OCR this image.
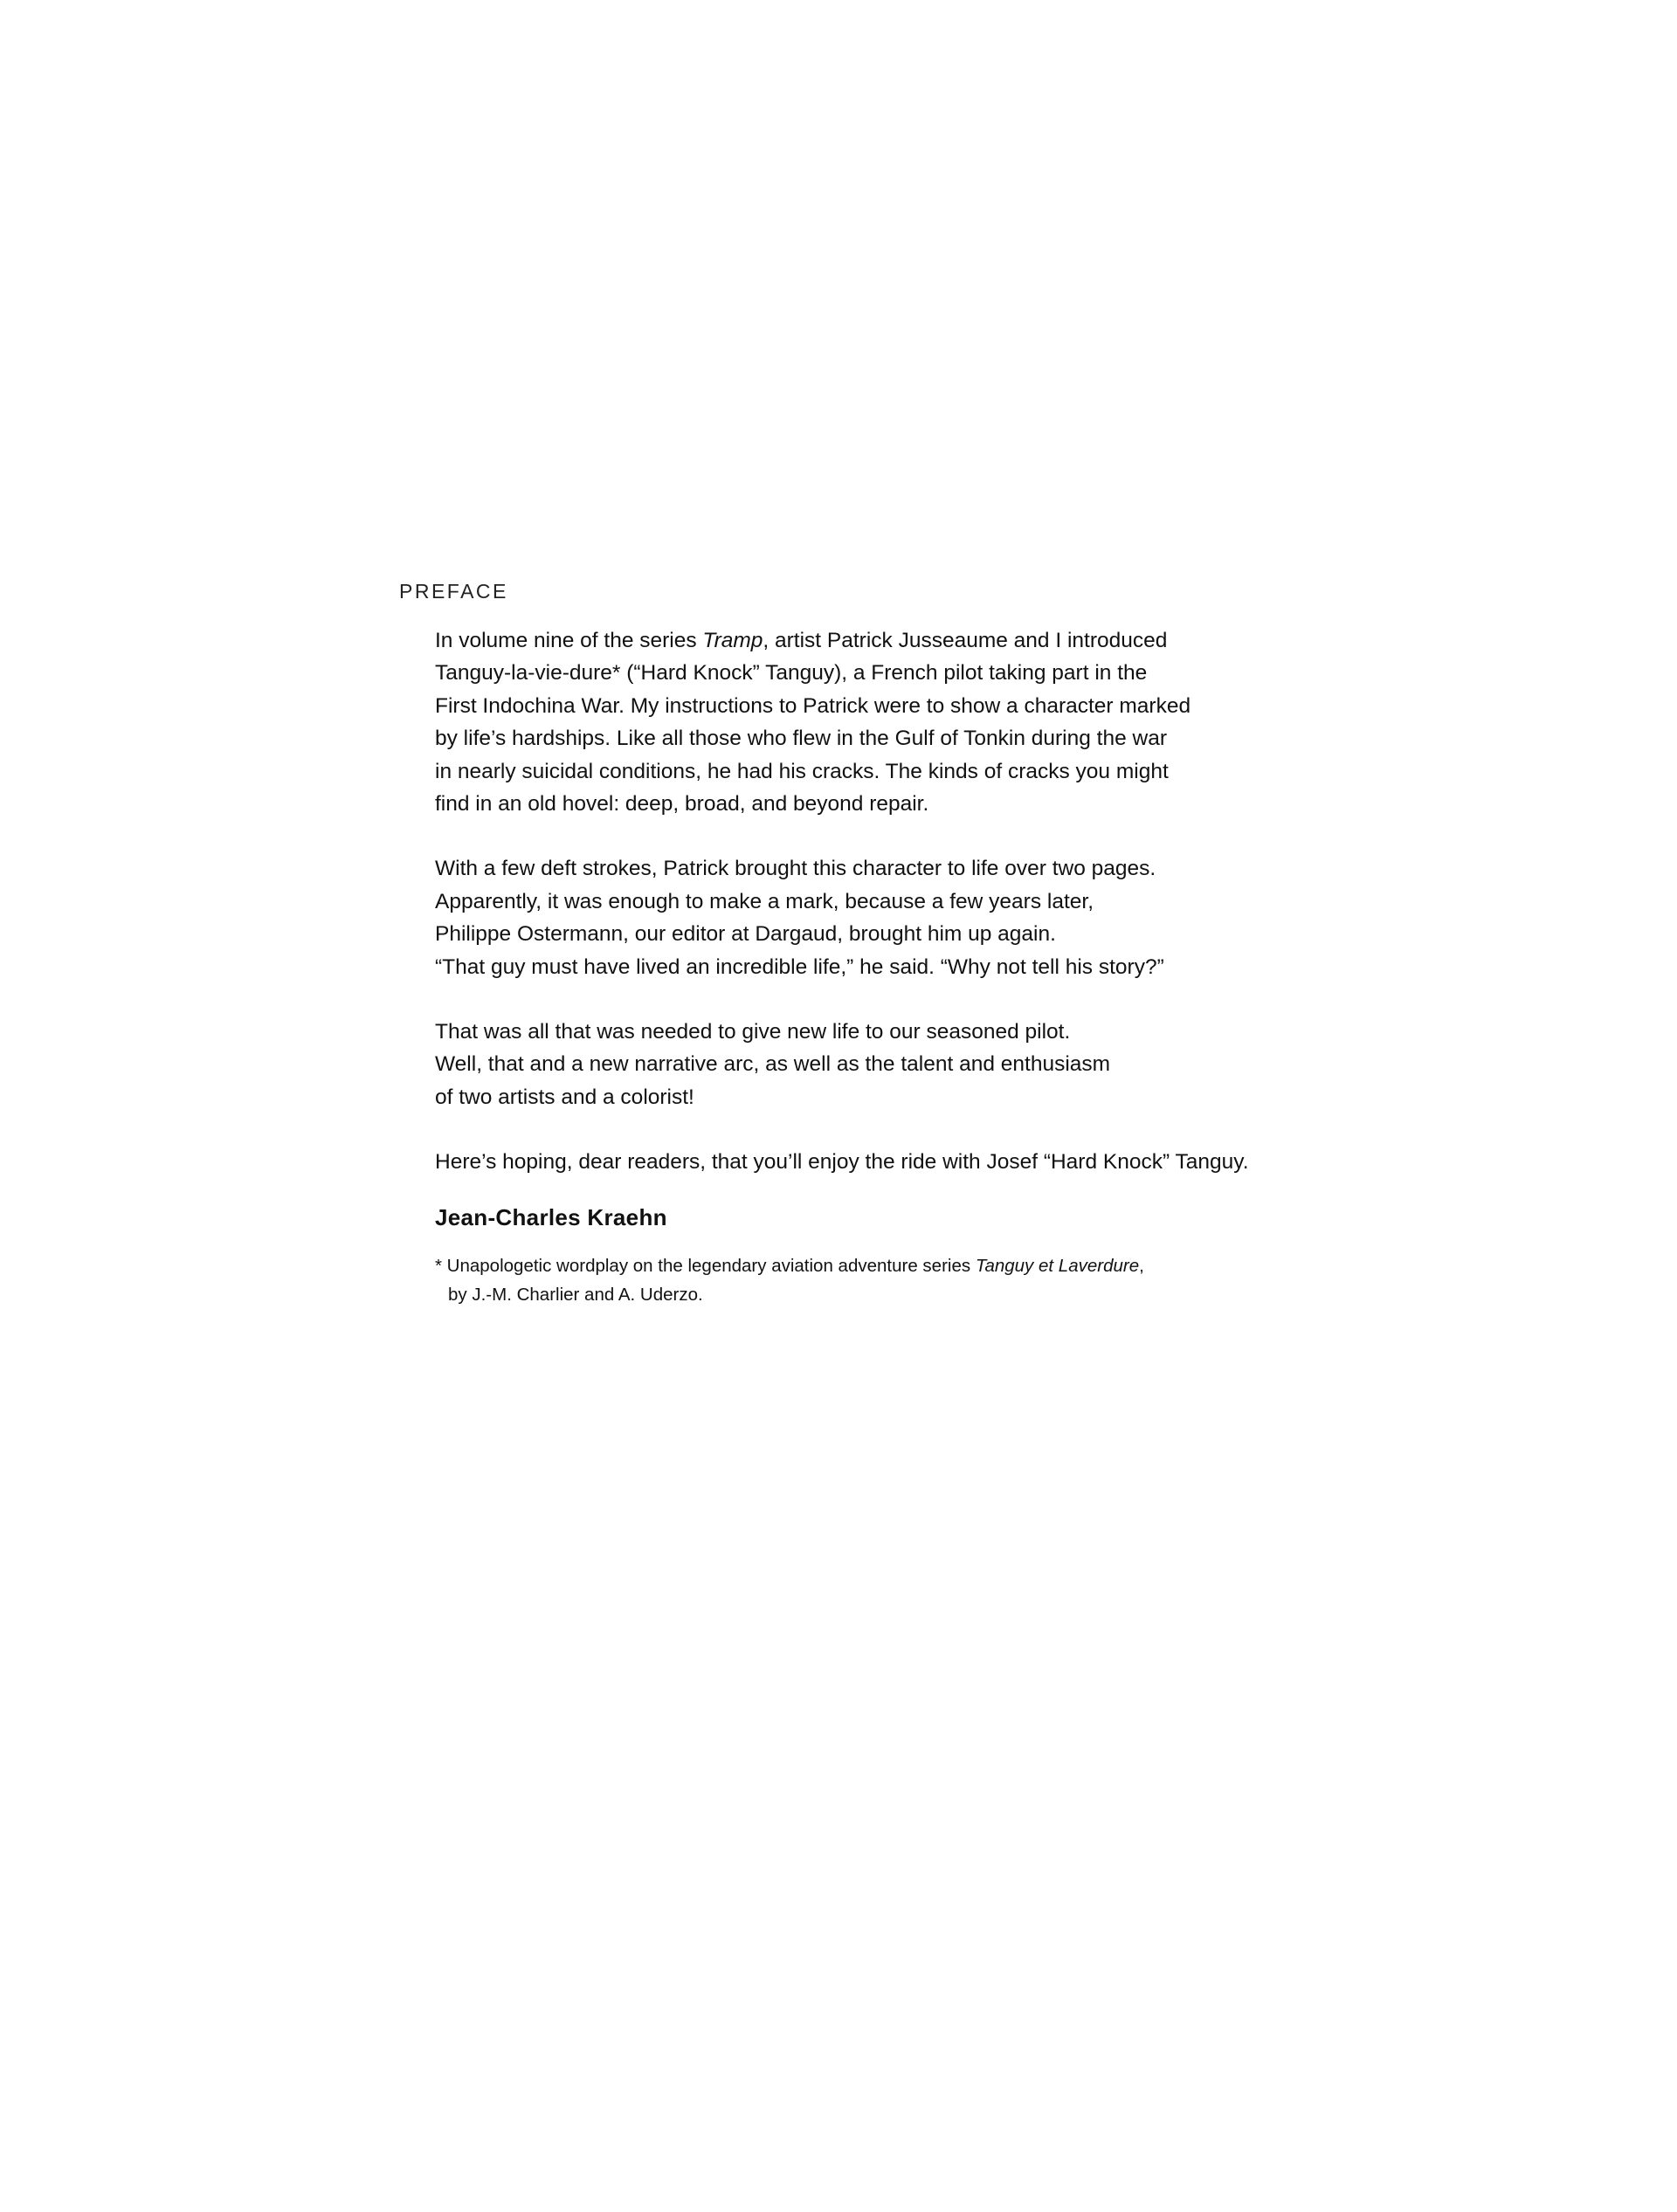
PREFACE
In volume nine of the series Tramp, artist Patrick Jusseaume and I introduced
Tanguy-la-vie-dure* (“Hard Knock” Tanguy), a French pilot taking part in the
First Indochina War. My instructions to Patrick were to show a character marked
by life’s hardships. Like all those who flew in the Gulf of Tonkin during the war
in nearly suicidal conditions, he had his cracks. The kinds of cracks you might
find in an old hovel: deep, broad, and beyond repair.
With a few deft strokes, Patrick brought this character to life over two pages.
Apparently, it was enough to make a mark, because a few years later,
Philippe Ostermann, our editor at Dargaud, brought him up again.
“That guy must have lived an incredible life,” he said. “Why not tell his story?”
That was all that was needed to give new life to our seasoned pilot.
Well, that and a new narrative arc, as well as the talent and enthusiasm
of two artists and a colorist!
Here’s hoping, dear readers, that you’ll enjoy the ride with Josef “Hard Knock” Tanguy.
Jean-Charles Kraehn
* Unapologetic wordplay on the legendary aviation adventure series Tanguy et Laverdure,
by J.-M. Charlier and A. Uderzo.
